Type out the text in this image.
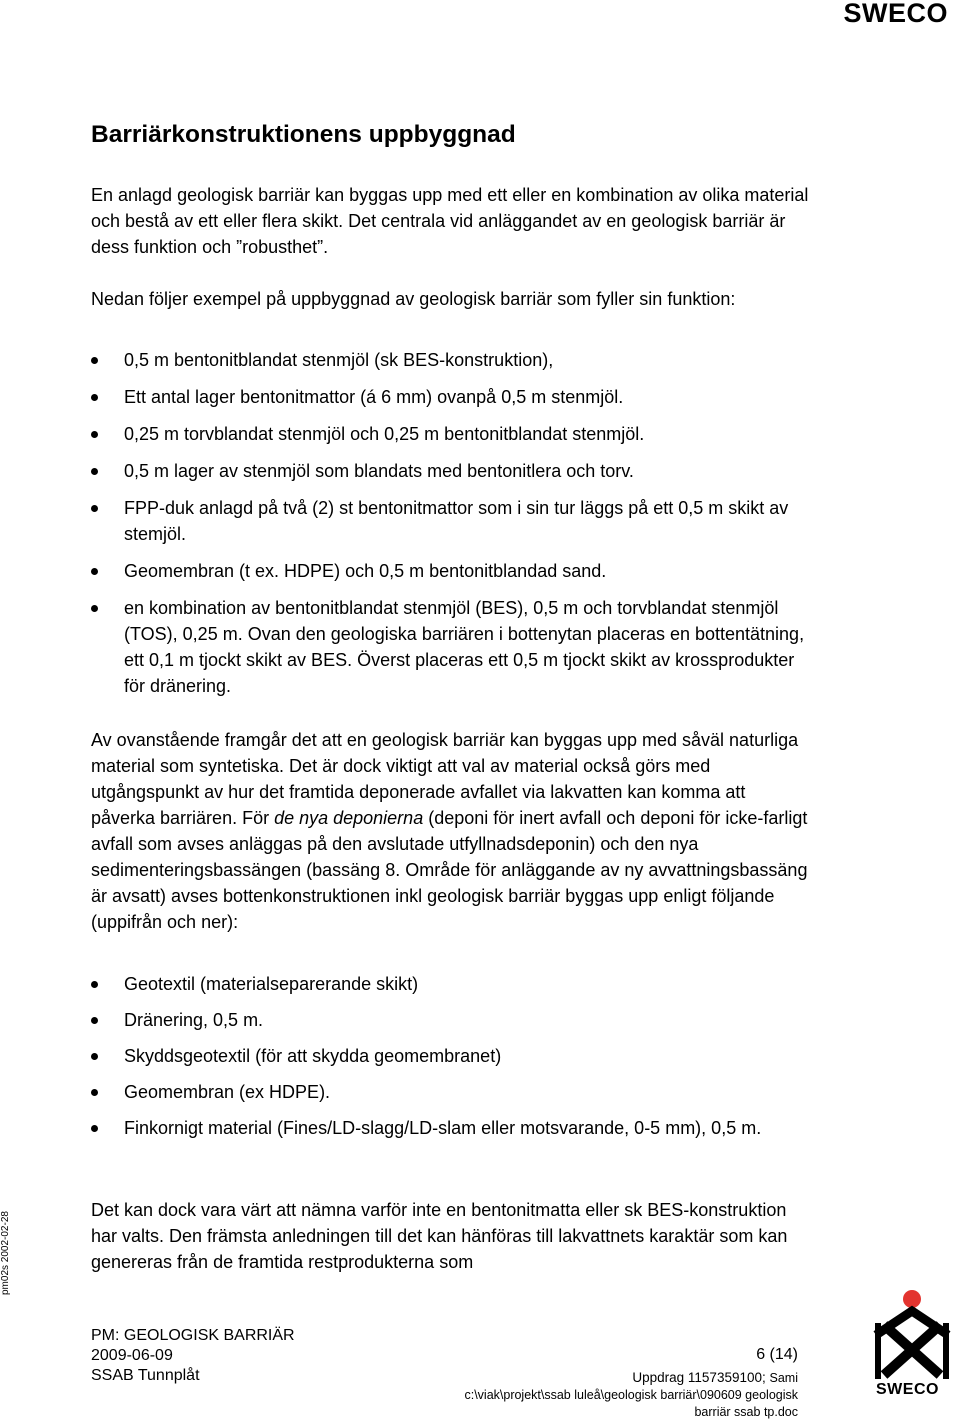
SWECO
pm02s 2002-02-28
Barriärkonstruktionens uppbyggnad

En anlagd geologisk barriär kan byggas upp med ett eller en kombination av olika material och bestå av ett eller flera skikt. Det centrala vid anläggandet av en geologisk barriär är dess funktion och ”robusthet”.

Nedan följer exempel på uppbyggnad av geologisk barriär som fyller sin funktion:

0,5 m bentonitblandat stenmjöl (sk BES-konstruktion),
Ett antal lager bentonitmattor (á 6 mm) ovanpå 0,5 m stenmjöl.
0,25 m torvblandat stenmjöl och 0,25 m bentonitblandat stenmjöl.
0,5 m lager av stenmjöl som blandats med bentonitlera och torv.
FPP-duk anlagd på två (2) st bentonitmattor som i sin tur läggs på ett 0,5 m skikt av stemjöl.
Geomembran (t ex. HDPE) och 0,5 m bentonitblandad sand.
en kombination av bentonitblandat stenmjöl (BES), 0,5 m och torvblandat stenmjöl (TOS), 0,25 m. Ovan den geologiska barriären i bottenytan placeras en bottentätning, ett 0,1 m tjockt skikt av BES. Överst placeras ett 0,5 m tjockt skikt av krossprodukter för dränering.

Av ovanstående framgår det att en geologisk barriär kan byggas upp med såväl naturliga material som syntetiska. Det är dock viktigt att val av material också görs med utgångspunkt av hur det framtida deponerade avfallet via lakvatten kan komma att påverka barriären. För de nya deponierna (deponi för inert avfall och deponi för icke-farligt avfall som avses anläggas på den avslutade utfyllnadsdeponin) och den nya sedimenteringsbassängen (bassäng 8. Område för anläggande av ny avvattningsbassäng är avsatt) avses bottenkonstruktionen inkl geologisk barriär byggas upp enligt följande (uppifrån och ner):

Geotextil (materialseparerande skikt)
Dränering, 0,5 m.
Skyddsgeotextil (för att skydda geomembranet)
Geomembran (ex HDPE).
Finkornigt material (Fines/LD-slagg/LD-slam eller motsvarande, 0-5 mm), 0,5 m.

Det kan dock vara värt att nämna varför inte en bentonitmatta eller sk BES-konstruktion har valts. Den främsta anledningen till det kan hänföras till lakvattnets karaktär som kan genereras från de framtida restprodukterna som

PM: GEOLOGISK BARRIÄR
2009-06-09
SSAB Tunnplåt
6 (14)
Uppdrag 1157359100; Sami
c:\viak\projekt\ssab luleå\geologisk barriär\090609 geologisk
barriär ssab tp.doc
SWECO
